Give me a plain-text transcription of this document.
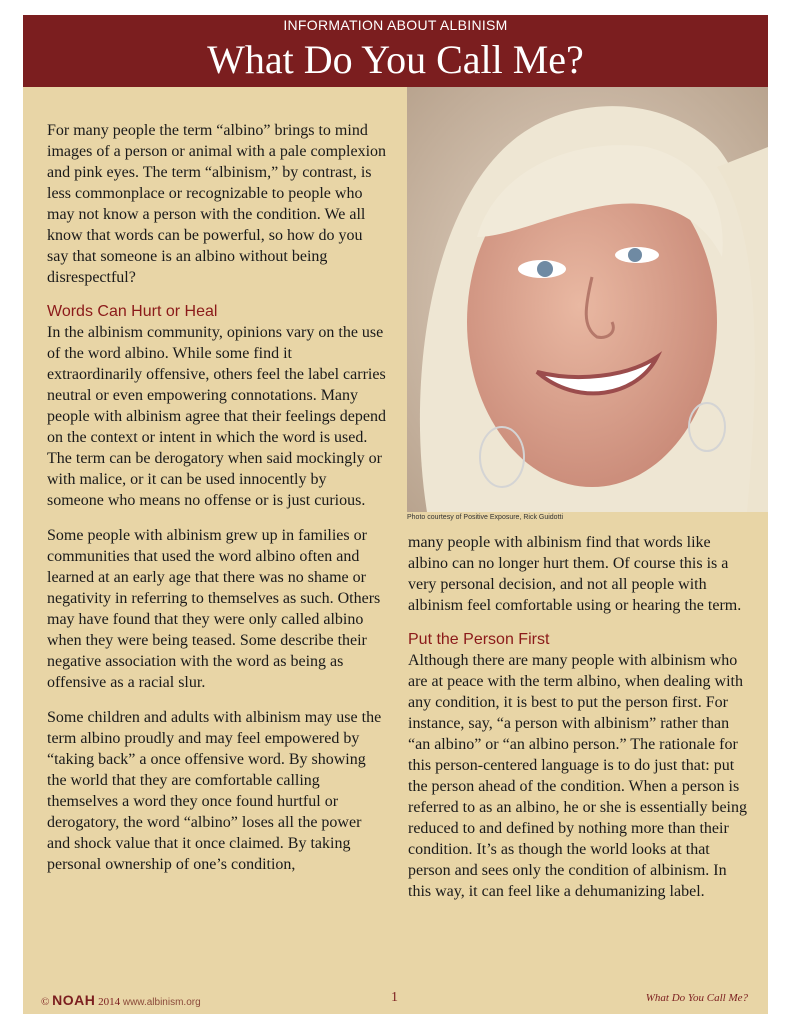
INFORMATION ABOUT ALBINISM
What Do You Call Me?

For many people the term “albino” brings to mind images of a person or animal with a pale complexion and pink eyes. The term “albinism,” by contrast, is less commonplace or recognizable to people who may not know a person with the condition. We all know that words can be powerful, so how do you say that someone is an albino without being disrespectful?

Words Can Hurt or Heal

In the albinism community, opinions vary on the use of the word albino. While some find it extraordinarily offensive, others feel the label carries neutral or even empowering connotations. Many people with albinism agree that their feelings depend on the context or intent in which the word is used. The term can be derogatory when said mockingly or with malice, or it can be used innocently by someone who means no offense or is just curious.

Some people with albinism grew up in families or communities that used the word albino often and learned at an early age that there was no shame or negativity in referring to themselves as such. Others may have found that they were only called albino when they were being teased. Some describe their negative association with the word as being as offensive as a racial slur.

Some children and adults with albinism may use the term albino proudly and may feel empowered by “taking back” a once offensive word. By showing the world that they are comfortable calling themselves a word they once found hurtful or derogatory, the word “albino” loses all the power and shock value that it once claimed. By taking personal ownership of one’s condition,

Photo courtesy of Positive Exposure, Rick Guidotti

many people with albinism find that words like albino can no longer hurt them. Of course this is a very personal decision, and not all people with albinism feel comfortable using or hearing the term.

Put the Person First

Although there are many people with albinism who are at peace with the term albino, when dealing with any condition, it is best to put the person first. For instance, say, “a person with albinism” rather than “an albino” or “an albino person.” The rationale for this person-centered language is to do just that: put the person ahead of the condition. When a person is referred to as an albino, he or she is essentially being reduced to and defined by nothing more than their condition. It’s as though the world looks at that person and sees only the condition of albinism. In this way, it can feel like a dehumanizing label.

© NOAH 2014 www.albinism.org	1	What Do You Call Me?
